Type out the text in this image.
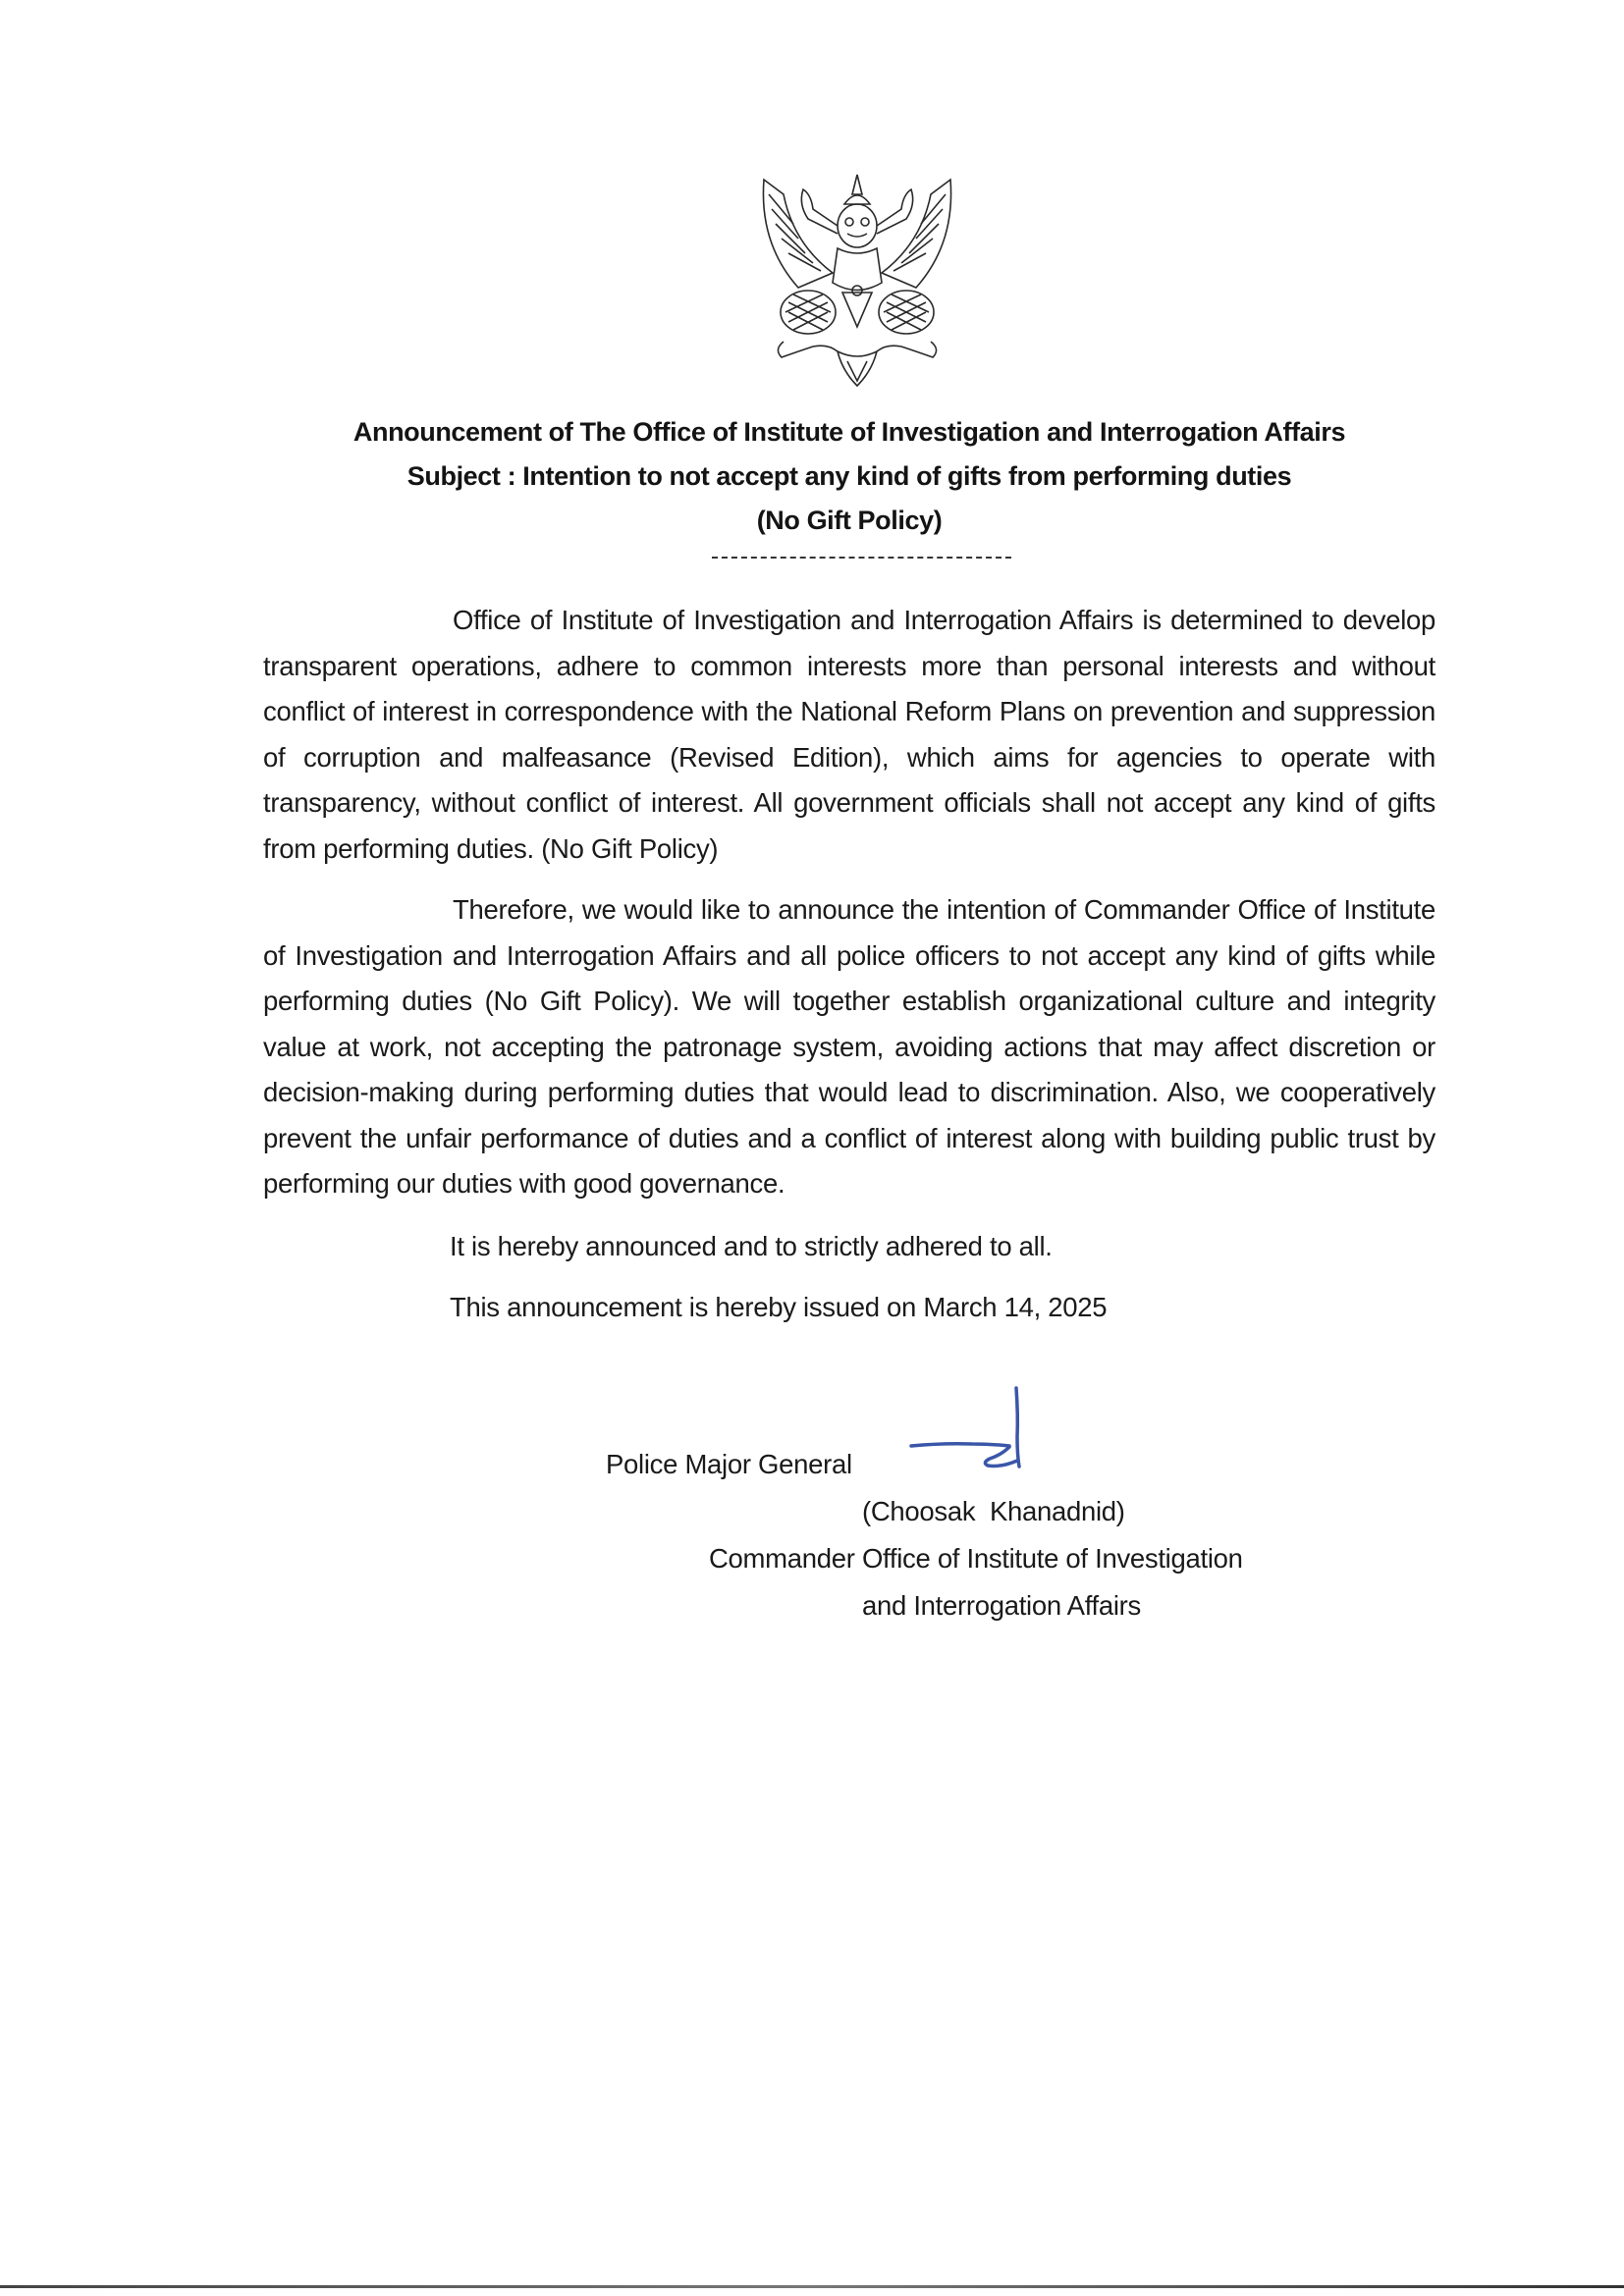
Announcement of The Office of Institute of Investigation and Interrogation Affairs
Subject : Intention to not accept any kind of gifts from performing duties
(No Gift Policy)
Office of Institute of Investigation and Interrogation Affairs is determined to develop transparent operations, adhere to common interests more than personal interests and without conflict of interest in correspondence with the National Reform Plans on prevention and suppression of corruption and malfeasance (Revised Edition), which aims for agencies to operate with transparency, without conflict of interest. All government officials shall not accept any kind of gifts from performing duties. (No Gift Policy)
Therefore, we would like to announce the intention of Commander Office of Institute of Investigation and Interrogation Affairs and all police officers to not accept any kind of gifts while performing duties (No Gift Policy). We will together establish organizational culture and integrity value at work, not accepting the patronage system, avoiding actions that may affect discretion or decision-making during performing duties that would lead to discrimination. Also, we cooperatively prevent the unfair performance of duties and a conflict of interest along with building public trust by performing our duties with good governance.
It is hereby announced and to strictly adhered to all.
This announcement is hereby issued on March 14, 2025
Police Major General
(Choosak  Khanadnid)
Commander Office of Institute of Investigation
and Interrogation Affairs
